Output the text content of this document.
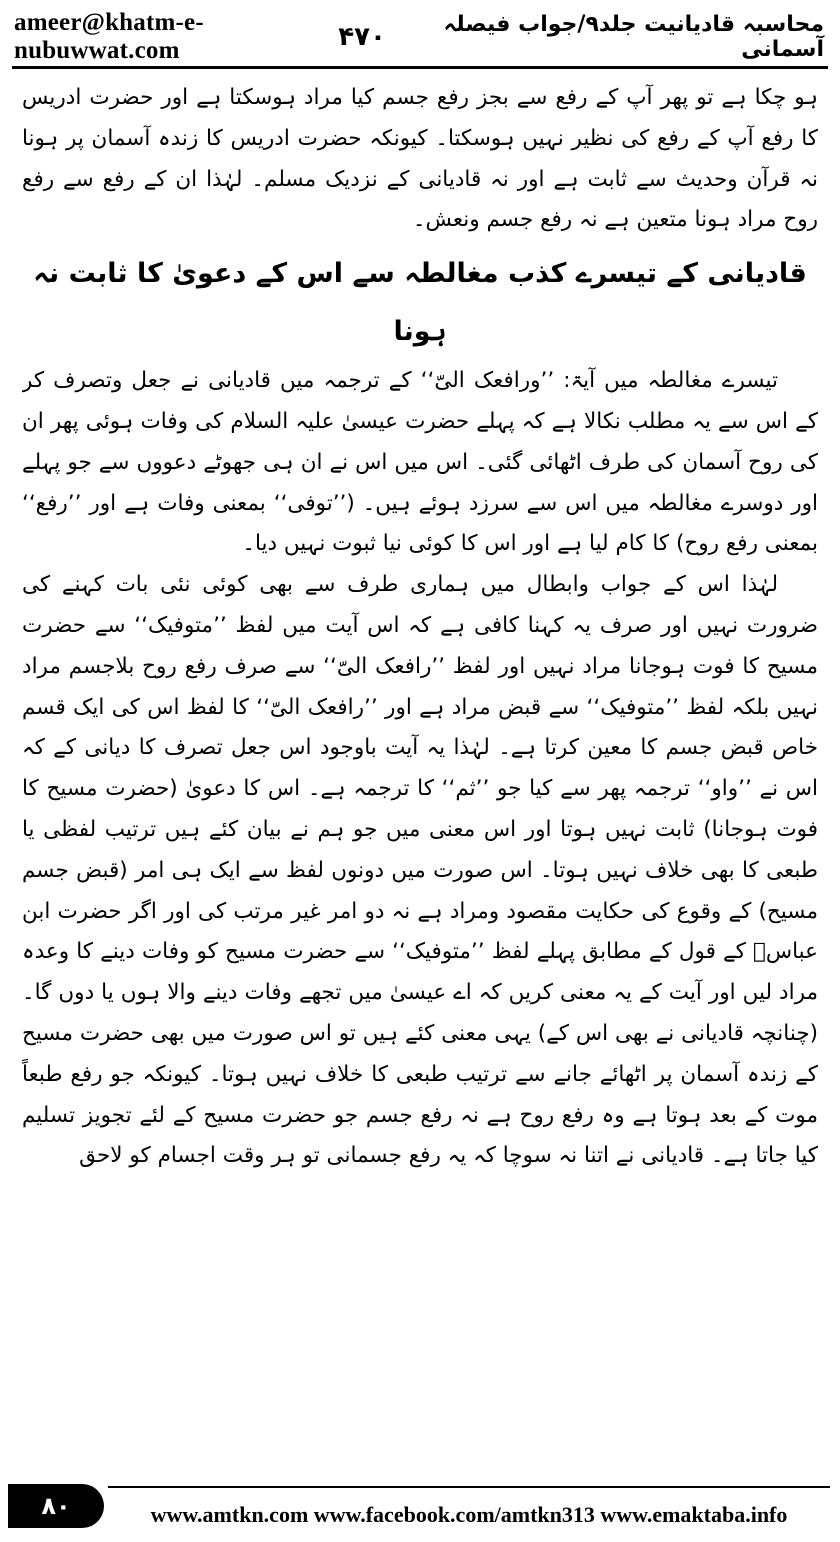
ameer@khatm-e-nubuwwat.com
محاسبہ قادیانیت جلد۹/جواب فیصلہ آسمانی
۴۷۰

ہو چکا ہے تو پھر آپ کے رفع سے بجز رفع جسم کیا مراد ہوسکتا ہے اور حضرت ادریس کا رفع آپ کے رفع کی نظیر نہیں ہوسکتا۔ کیونکہ حضرت ادریس کا زندہ آسمان پر ہونا نہ قرآن وحدیث سے ثابت ہے اور نہ قادیانی کے نزدیک مسلم۔ لہٰذا ان کے رفع سے رفع روح مراد ہونا متعین ہے نہ رفع جسم ونعش۔

قادیانی کے تیسرے کذب مغالطہ سے اس کے دعویٰ کا ثابت نہ ہونا

تیسرے مغالطہ میں آیۃ: ’’ورافعک الیّ‘‘ کے ترجمہ میں قادیانی نے جعل وتصرف کر کے اس سے یہ مطلب نکالا ہے کہ پہلے حضرت عیسیٰ علیہ السلام کی وفات ہوئی پھر ان کی روح آسمان کی طرف اٹھائی گئی۔ اس میں اس نے ان ہی جھوٹے دعووں سے جو پہلے اور دوسرے مغالطہ میں اس سے سرزد ہوئے ہیں۔ (’’توفی‘‘ بمعنی وفات ہے اور ’’رفع‘‘ بمعنی رفع روح) کا کام لیا ہے اور اس کا کوئی نیا ثبوت نہیں دیا۔

لہٰذا اس کے جواب وابطال میں ہماری طرف سے بھی کوئی نئی بات کہنے کی ضرورت نہیں اور صرف یہ کہنا کافی ہے کہ اس آیت میں لفظ ’’متوفیک‘‘ سے حضرت مسیح کا فوت ہوجانا مراد نہیں اور لفظ ’’رافعک الیّ‘‘ سے صرف رفع روح بلاجسم مراد نہیں بلکہ لفظ ’’متوفیک‘‘ سے قبض مراد ہے اور ’’رافعک الیّ‘‘ کا لفظ اس کی ایک قسم خاص قبض جسم کا معین کرتا ہے۔ لہٰذا یہ آیت باوجود اس جعل تصرف کا دیانی کے کہ اس نے ’’واو‘‘ ترجمہ پھر سے کیا جو ’’ثم‘‘ کا ترجمہ ہے۔ اس کا دعویٰ (حضرت مسیح کا فوت ہوجانا) ثابت نہیں ہوتا اور اس معنی میں جو ہم نے بیان کئے ہیں ترتیب لفظی یا طبعی کا بھی خلاف نہیں ہوتا۔ اس صورت میں دونوں لفظ سے ایک ہی امر (قبض جسم مسیح) کے وقوع کی حکایت مقصود ومراد ہے نہ دو امر غیر مرتب کی اور اگر حضرت ابن عباسؓ کے قول کے مطابق پہلے لفظ ’’متوفیک‘‘ سے حضرت مسیح کو وفات دینے کا وعدہ مراد لیں اور آیت کے یہ معنی کریں کہ اے عیسیٰ میں تجھے وفات دینے والا ہوں یا دوں گا۔ (چنانچہ قادیانی نے بھی اس کے) یہی معنی کئے ہیں تو اس صورت میں بھی حضرت مسیح کے زندہ آسمان پر اٹھائے جانے سے ترتیب طبعی کا خلاف نہیں ہوتا۔ کیونکہ جو رفع طبعاً موت کے بعد ہوتا ہے وہ رفع روح ہے نہ رفع جسم جو حضرت مسیح کے لئے تجویز تسلیم کیا جاتا ہے۔ قادیانی نے اتنا نہ سوچا کہ یہ رفع جسمانی تو ہر وقت اجسام کو لاحق

۸۰	www.amtkn.com www.facebook.com/amtkn313 www.emaktaba.info
